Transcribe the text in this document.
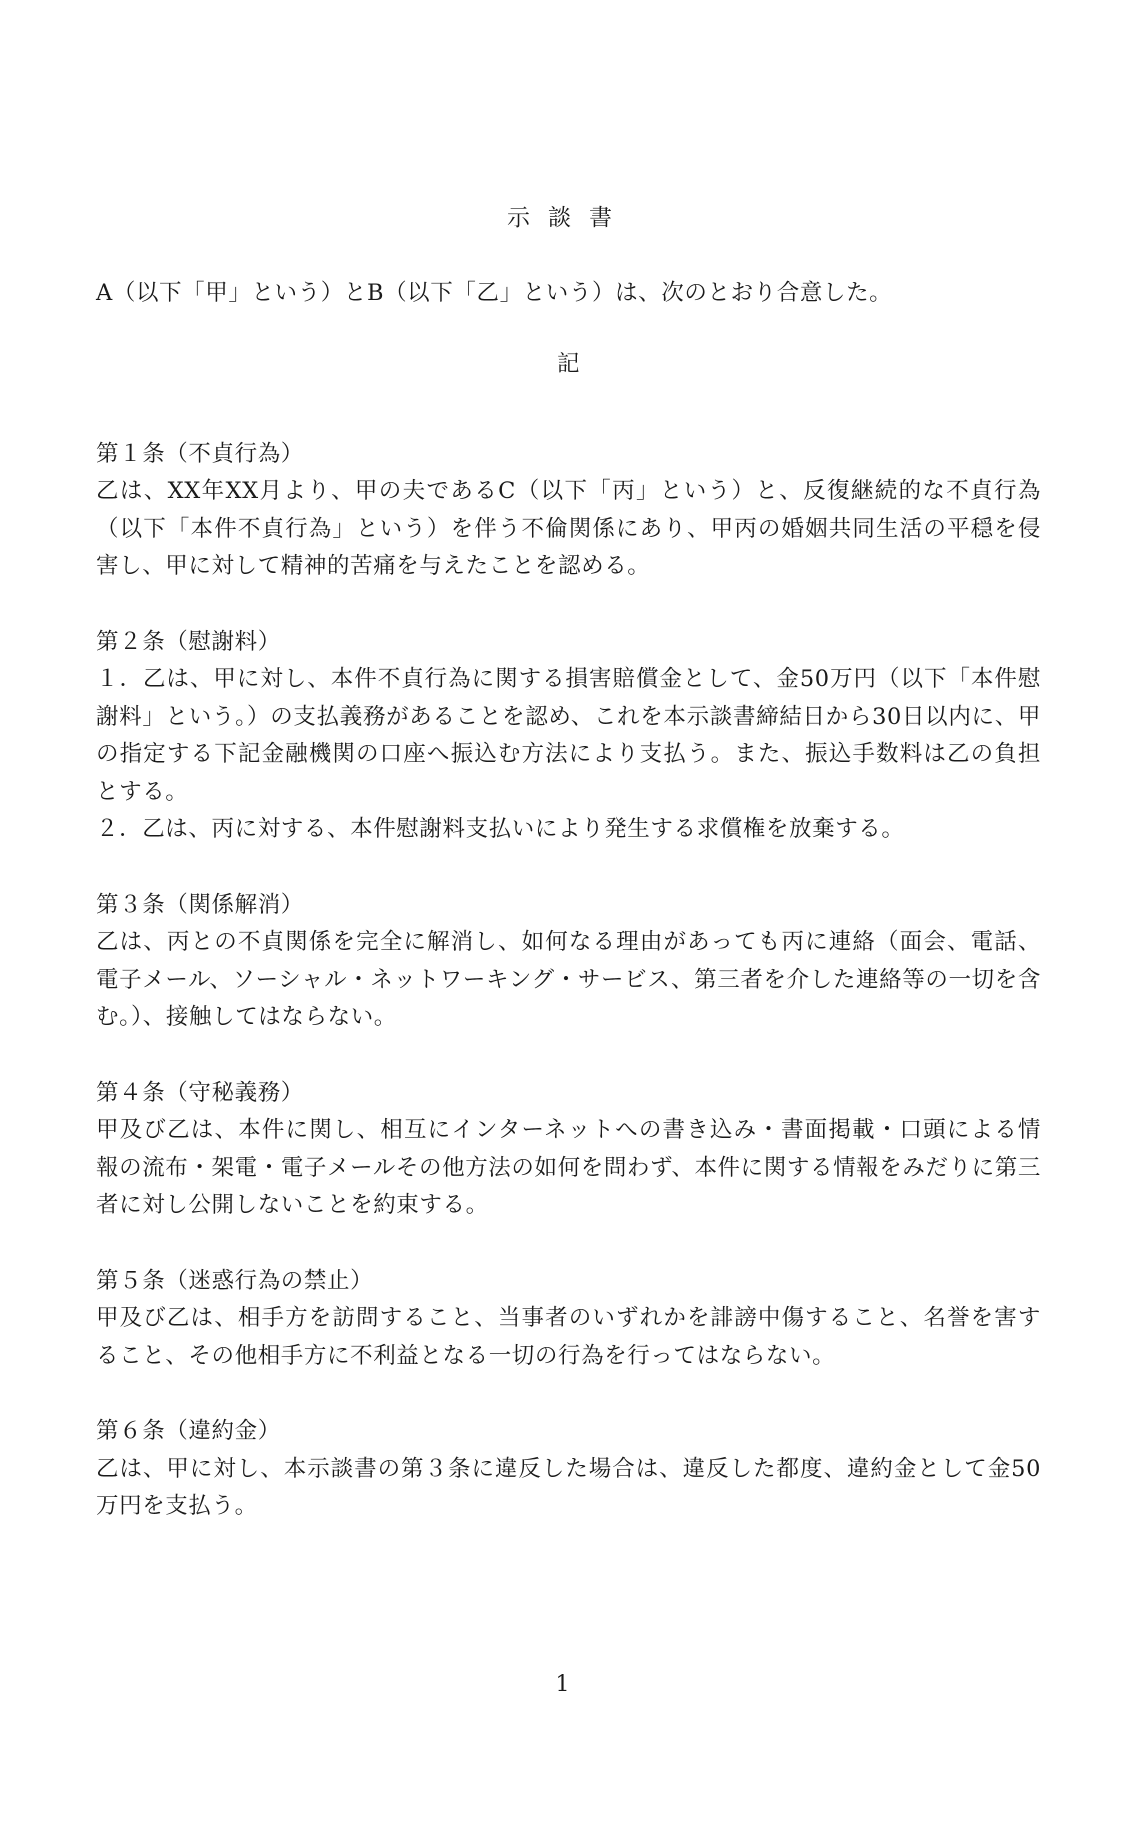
示談書

A（以下「甲」という）とB（以下「乙」という）は、次のとおり合意した。

記

第１条（不貞行為）

乙は、XX年XX月より、甲の夫であるC（以下「丙」という）と、反復継続的な不貞行為（以下「本件不貞行為」という）を伴う不倫関係にあり、甲丙の婚姻共同生活の平穏を侵害し、甲に対して精神的苦痛を与えたことを認める。

第２条（慰謝料）

１．乙は、甲に対し、本件不貞行為に関する損害賠償金として、金50万円（以下「本件慰謝料」という。）の支払義務があることを認め、これを本示談書締結日から30日以内に、甲の指定する下記金融機関の口座へ振込む方法により支払う。また、振込手数料は乙の負担とする。

２．乙は、丙に対する、本件慰謝料支払いにより発生する求償権を放棄する。

第３条（関係解消）

乙は、丙との不貞関係を完全に解消し、如何なる理由があっても丙に連絡（面会、電話、電子メール、ソーシャル・ネットワーキング・サービス、第三者を介した連絡等の一切を含む。）、接触してはならない。

第４条（守秘義務）

甲及び乙は、本件に関し、相互にインターネットへの書き込み・書面掲載・口頭による情報の流布・架電・電子メールその他方法の如何を問わず、本件に関する情報をみだりに第三者に対し公開しないことを約束する。

第５条（迷惑行為の禁止）

甲及び乙は、相手方を訪問すること、当事者のいずれかを誹謗中傷すること、名誉を害すること、その他相手方に不利益となる一切の行為を行ってはならない。

第６条（違約金）

乙は、甲に対し、本示談書の第３条に違反した場合は、違反した都度、違約金として金50万円を支払う。

1
